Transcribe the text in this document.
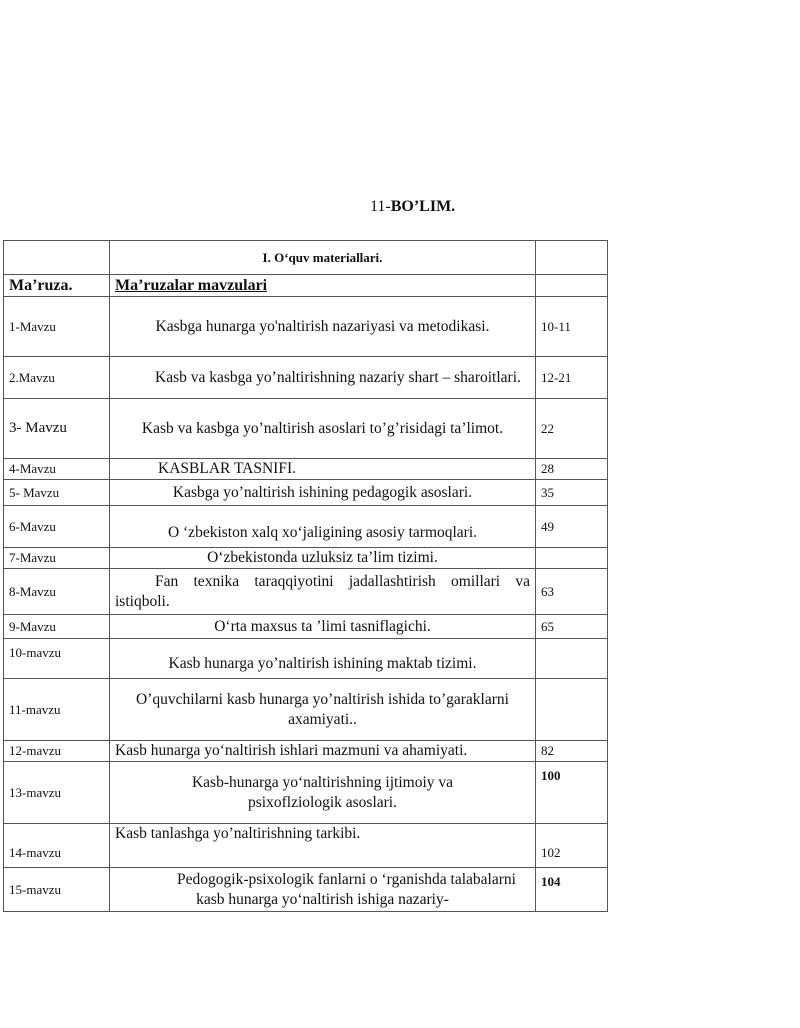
11-BO’LIM.
	I. O‘quv materiallari.	
Ma’ruza.	Ma’ruzalar mavzulari	
1-Mavzu	Kasbga hunarga yo'naltirish nazariyasi va metodikasi.	10-11
2.Mavzu	Kasb va kasbga yo’naltirishning nazariy shart – sharoitlari.	12-21
3- Mavzu	Kasb va kasbga yo’naltirish asoslari to’g’risidagi ta’limot.	22
4-Mavzu	KASBLAR TASNIFI.	28
5- Mavzu	Kasbga yo’naltirish ishining pedagogik asoslari.	35
6-Mavzu	O ‘zbekiston xalq xo‘jaligining asosiy tarmoqlari.	49
7-Mavzu	O‘zbekistonda uzluksiz ta’lim tizimi.	
8-Mavzu	Fan texnika taraqqiyotini jadallashtirish omillari va istiqboli.	63
9-Mavzu	O‘rta maxsus ta ’limi tasniflagichi.	65
10-mavzu	Kasb hunarga yo’naltirish ishining maktab tizimi.	
11-mavzu	O’quvchilarni kasb hunarga yo’naltirish ishida to’garaklarni axamiyati..	
12-mavzu	Kasb hunarga yo‘naltirish ishlari mazmuni va ahamiyati.	82
13-mavzu	Kasb-hunarga yo‘naltirishning ijtimoiy va psixoflziologik asoslari.	100
14-mavzu	Kasb tanlashga yo’naltirishning tarkibi.	102
15-mavzu	Pedogogik-psixologik fanlarni o ‘rganishda talabalarni kasb hunarga yo‘naltirish ishiga nazariy-	104
